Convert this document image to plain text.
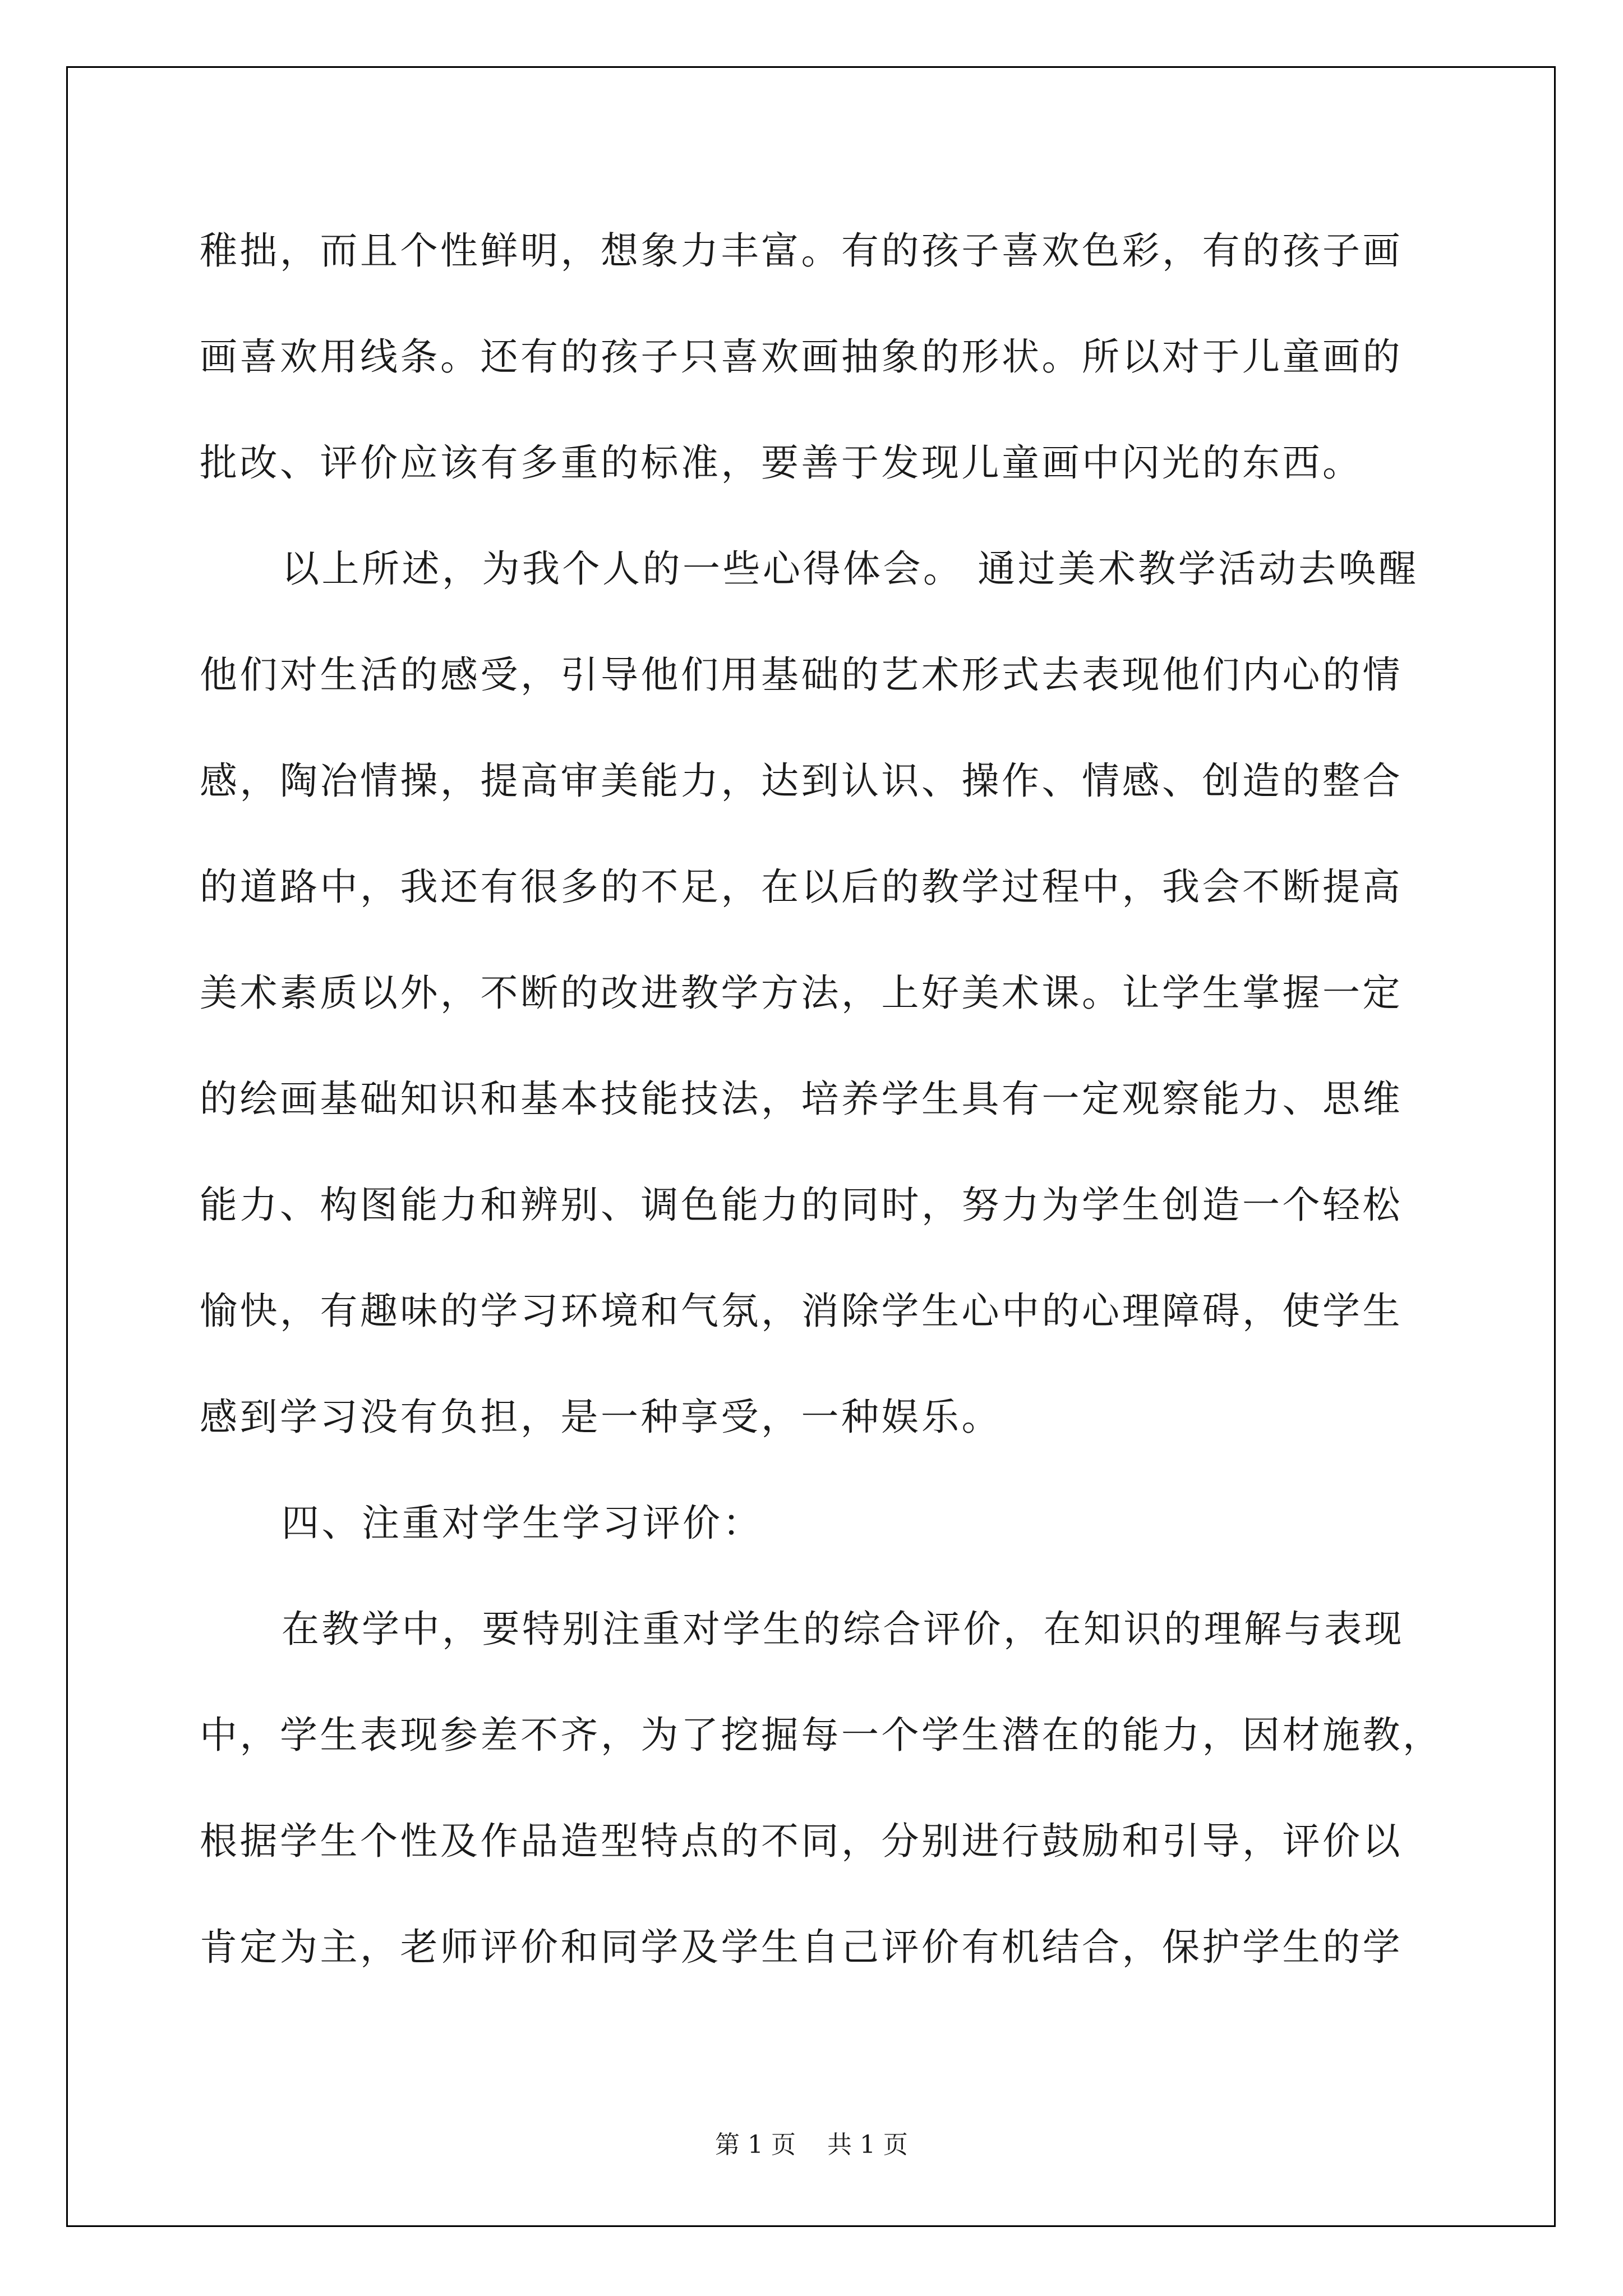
稚拙，而且个性鲜明，想象力丰富。有的孩子喜欢色彩，有的孩子画

画喜欢用线条。还有的孩子只喜欢画抽象的形状。所以对于儿童画的

批改、评价应该有多重的标准，要善于发现儿童画中闪光的东西。

以上所述，为我个人的一些心得体会。 通过美术教学活动去唤醒

他们对生活的感受，引导他们用基础的艺术形式去表现他们内心的情

感，陶冶情操，提高审美能力，达到认识、操作、情感、创造的整合

的道路中，我还有很多的不足，在以后的教学过程中，我会不断提高

美术素质以外，不断的改进教学方法，上好美术课。让学生掌握一定

的绘画基础知识和基本技能技法，培养学生具有一定观察能力、思维

能力、构图能力和辨别、调色能力的同时，努力为学生创造一个轻松

愉快，有趣味的学习环境和气氛，消除学生心中的心理障碍，使学生

感到学习没有负担，是一种享受，一种娱乐。

四、注重对学生学习评价：

在教学中，要特别注重对学生的综合评价，在知识的理解与表现

中，学生表现参差不齐，为了挖掘每一个学生潜在的能力，因材施教，

根据学生个性及作品造型特点的不同，分别进行鼓励和引导，评价以

肯定为主，老师评价和同学及学生自己评价有机结合，保护学生的学

第 1 页    共 1 页
